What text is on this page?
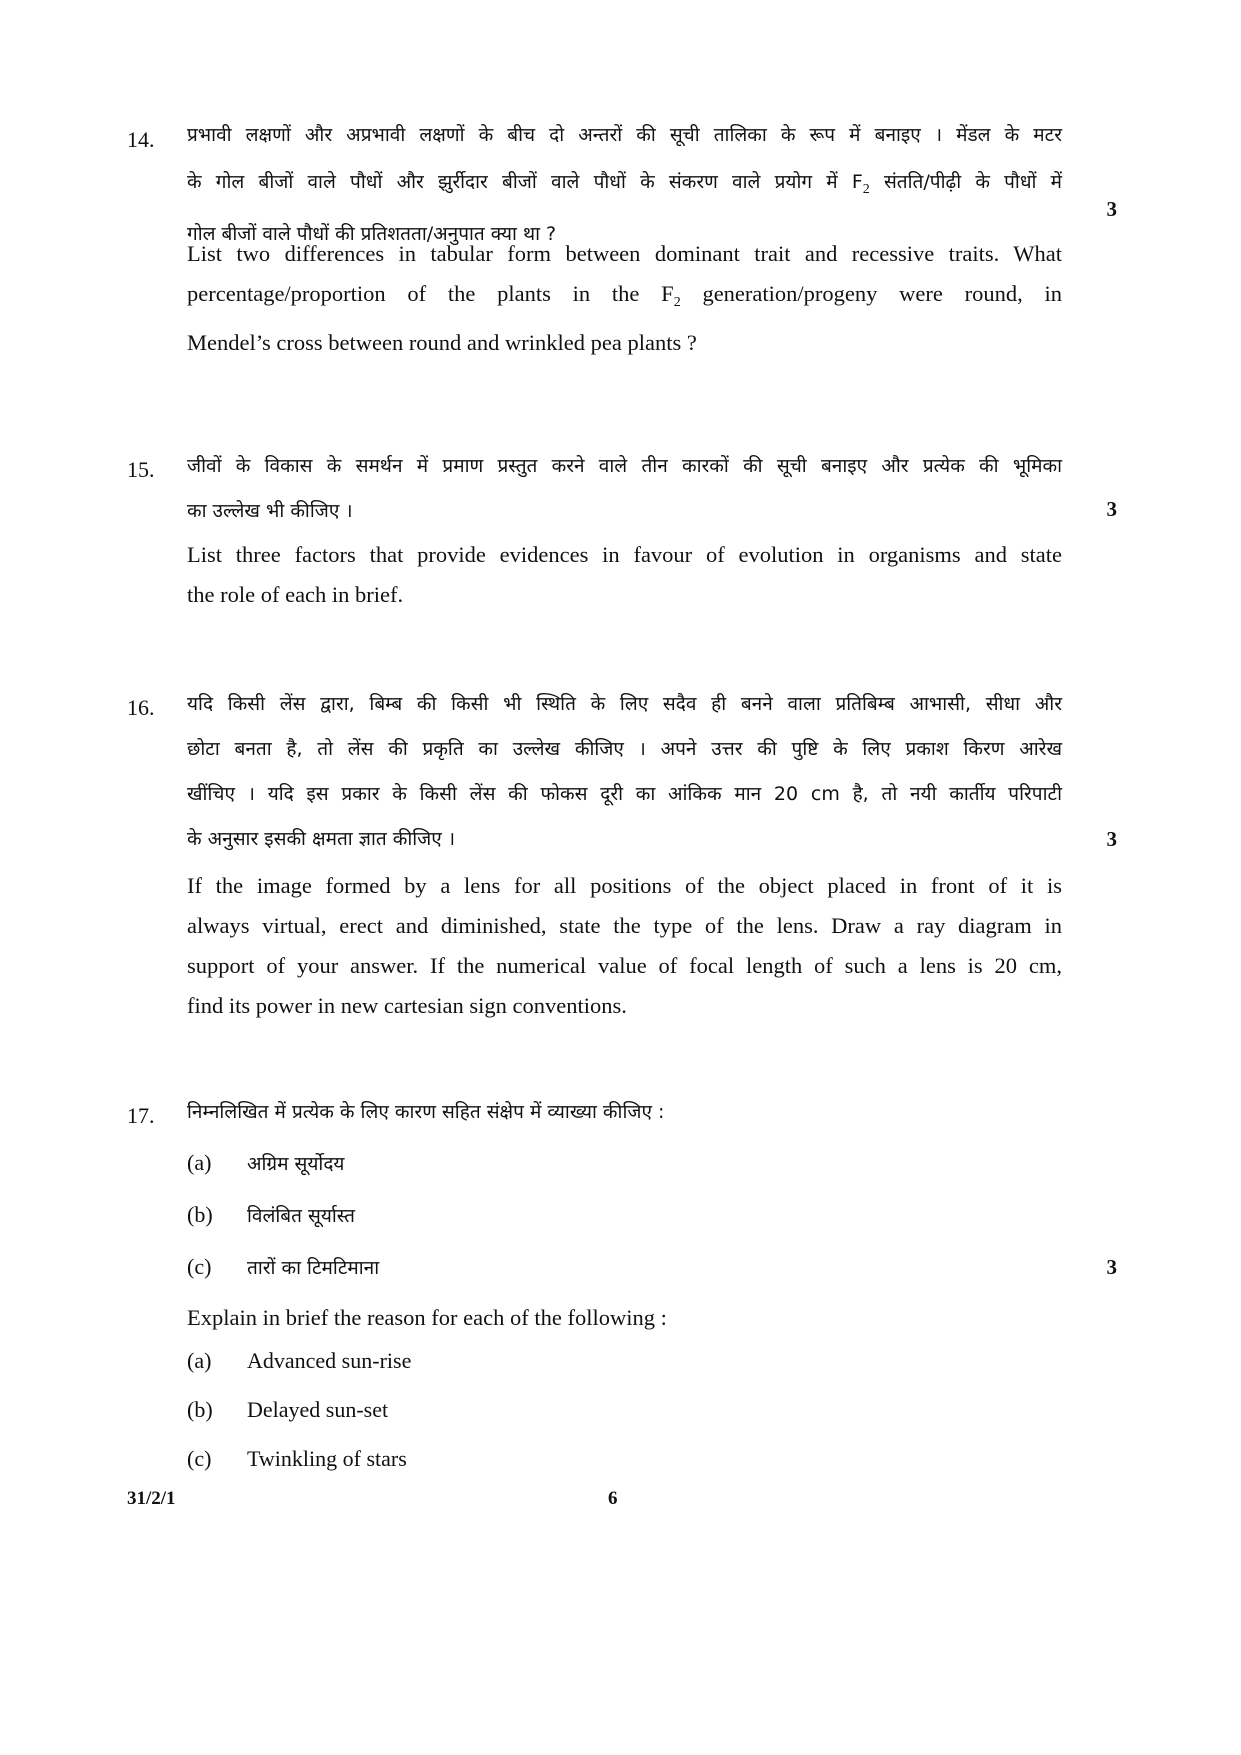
14. प्रभावी लक्षणों और अप्रभावी लक्षणों के बीच दो अन्तरों की सूची तालिका के रूप में बनाइए । मेंडल के मटर
के गोल बीजों वाले पौधों और झुर्रीदार बीजों वाले पौधों के संकरण वाले प्रयोग में $F_2$ संतति/पीढ़ी के पौधों में
गोल बीजों वाले पौधों की प्रतिशतता/अनुपात क्या था ?
3
List two differences in tabular form between dominant trait and recessive traits. What
percentage/proportion of the plants in the $F_2$ generation/progeny were round, in
Mendel’s cross between round and wrinkled pea plants ?
15. जीवों के विकास के समर्थन में प्रमाण प्रस्तुत करने वाले तीन कारकों की सूची बनाइए और प्रत्येक की भूमिका
का उल्लेख भी कीजिए ।	3
List three factors that provide evidences in favour of evolution in organisms and state
the role of each in brief.
16. यदि किसी लेंस द्वारा, बिम्ब की किसी भी स्थिति के लिए सदैव ही बनने वाला प्रतिबिम्ब आभासी, सीधा और
छोटा बनता है, तो लेंस की प्रकृति का उल्लेख कीजिए । अपने उत्तर की पुष्टि के लिए प्रकाश किरण आरेख
खींचिए । यदि इस प्रकार के किसी लेंस की फोकस दूरी का आंकिक मान 20 cm है, तो नयी कार्तीय परिपाटी
के अनुसार इसकी क्षमता ज्ञात कीजिए ।	3
If the image formed by a lens for all positions of the object placed in front of it is
always virtual, erect and diminished, state the type of the lens. Draw a ray diagram in
support of your answer. If the numerical value of focal length of such a lens is 20 cm,
find its power in new cartesian sign conventions.
17. निम्नलिखित में प्रत्येक के लिए कारण सहित संक्षेप में व्याख्या कीजिए :
(a) अग्रिम सूर्योदय
(b) विलंबित सूर्यास्त
(c) तारों का टिमटिमाना	3
Explain in brief the reason for each of the following :
(a) Advanced sun-rise
(b) Delayed sun-set
(c) Twinkling of stars
31/2/1	6
